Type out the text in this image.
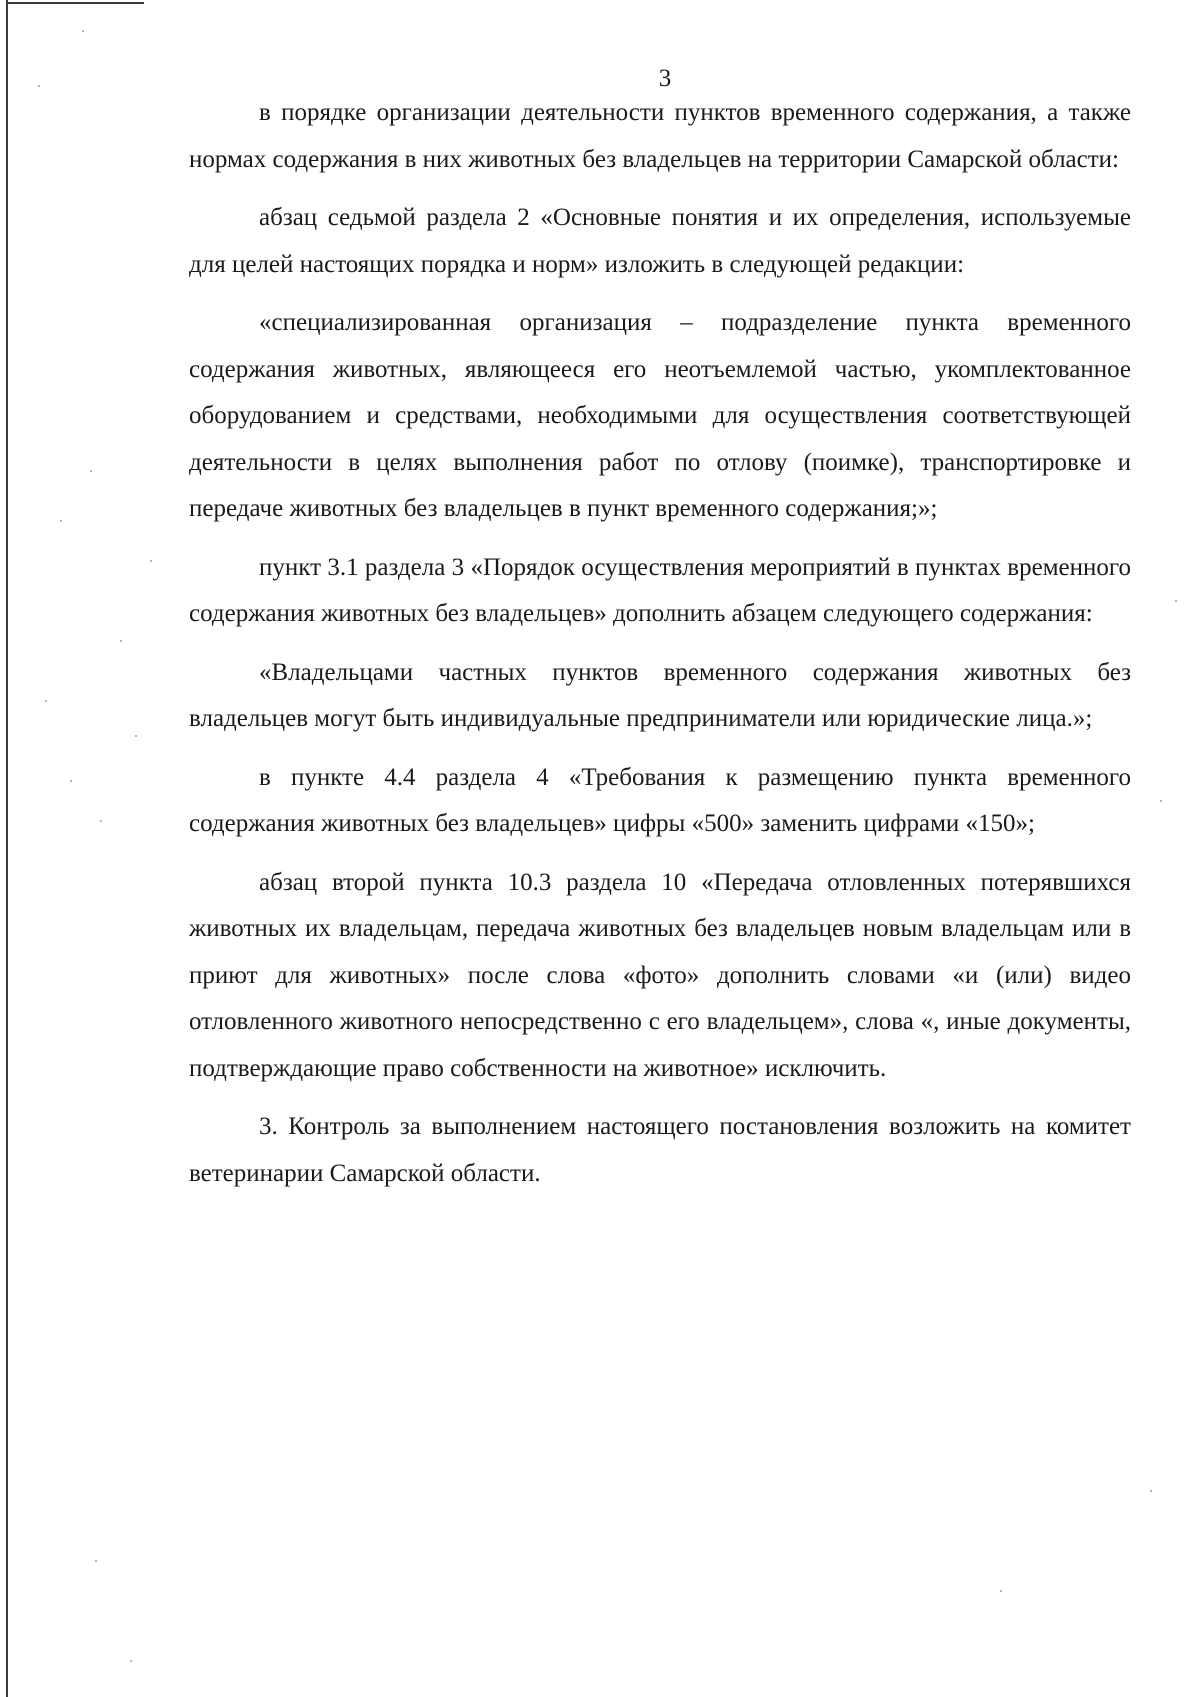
3

в порядке организации деятельности пунктов временного содержания, а также нормах содержания в них животных без владельцев на территории Самарской области:

абзац седьмой раздела 2 «Основные понятия и их определения, используемые для целей настоящих порядка и норм» изложить в следующей редакции:

«специализированная организация – подразделение пункта временного содержания животных, являющееся его неотъемлемой частью, укомплектованное оборудованием и средствами, необходимыми для осуществления соответствующей деятельности в целях выполнения работ по отлову (поимке), транспортировке и передаче животных без владельцев в пункт временного содержания;»;

пункт 3.1 раздела 3 «Порядок осуществления мероприятий в пунктах временного содержания животных без владельцев» дополнить абзацем следующего содержания:

«Владельцами частных пунктов временного содержания животных без владельцев могут быть индивидуальные предприниматели или юридические лица.»;

в пункте 4.4 раздела 4 «Требования к размещению пункта временного содержания животных без владельцев» цифры «500» заменить цифрами «150»;

абзац второй пункта 10.3 раздела 10 «Передача отловленных потерявшихся животных их владельцам, передача животных без владельцев новым владельцам или в приют для животных» после слова «фото» дополнить словами «и (или) видео отловленного животного непосредственно с его владельцем», слова «, иные документы, подтверждающие право собственности на животное» исключить.

3. Контроль за выполнением настоящего постановления возложить на комитет ветеринарии Самарской области.
